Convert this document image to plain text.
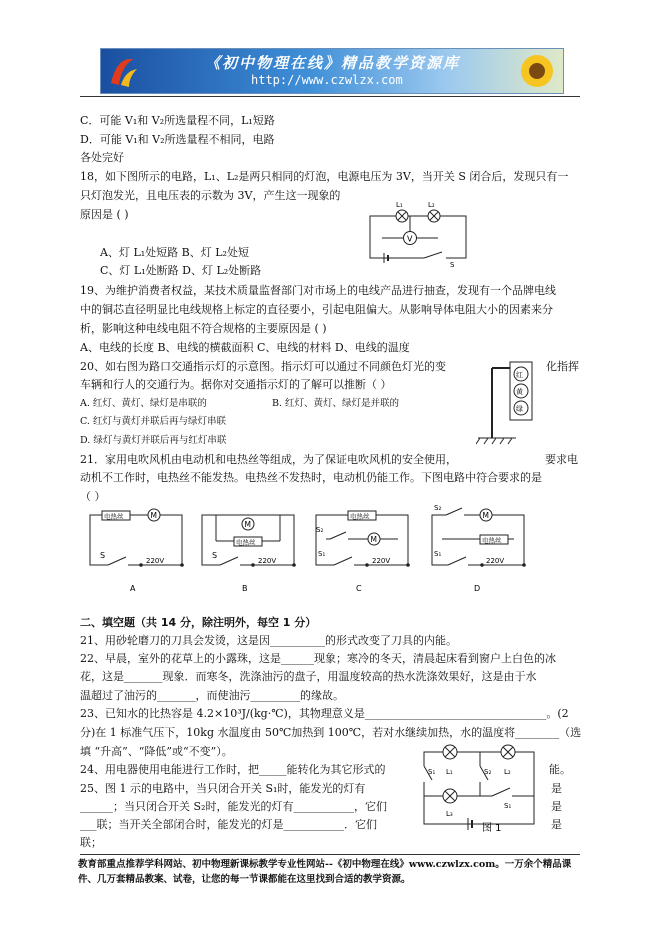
《初中物理在线》精品教学资源库
http://www.czwlzx.com
C．可能 V₁和 V₂所选量程不同，L₁短路
D．可能 V₁和 V₂所选量程不相同，电路
各处完好
18，如下图所示的电路，L₁、L₂是两只相同的灯泡，电源电压为 3V，当开关 S 闭合后，发现只有一
只灯泡发光，且电压表的示数为 3V，产生这一现象的
原因是 ( )
A、灯 L₁处短路 B、灯 L₂处短
C、灯 L₁处断路 D、灯 L₂处断路
V
L₁	L₂
S
19、为维护消费者权益，某技术质量监督部门对市场上的电线产品进行抽查，发现有一个品牌电线
中的铜芯直径明显比电线规格上标定的直径要小，引起电阻偏大。从影响导体电阻大小的因素来分
析，影响这种电线电阻不符合规格的主要原因是 ( )
A、电线的长度 B、电线的横截面积 C、电线的材料 D、电线的温度
20、如右图为路口交通指示灯的示意图。指示灯可以通过不同颜色灯光的变	化指挥
车辆和行人的交通行为。据你对交通指示灯的了解可以推断（ ）
A. 红灯、黄灯、绿灯是串联的	B. 红灯、黄灯、绿灯是并联的
C. 红灯与黄灯并联后再与绿灯串联
D. 绿灯与黄灯并联后再与红灯串联
红
黄
绿
21．家用电吹风机由电动机和电热丝等组成，为了保证电吹风机的安全使用，	要求电
动机不工作时，电热丝不能发热。电热丝不发热时，电动机仍能工作。下图电路中符合要求的是
（ ）
电热丝	M
S
220V
A
M
电热丝
S
220V
B
电热丝
S₂
M
S₁
220V
C
M
S₂
电热丝
S₁
220V
D
二、填空题（共 14 分，除注明外，每空 1 分）
21、用砂轮磨刀的刀具会发烫，这是因__________的形式改变了刀具的内能。
22、早晨，室外的花草上的小露珠，这是______现象；寒冷的冬天，清晨起床看到窗户上白色的冰
花，这是_______现象．而寒冬，洗涤油污的盘子，用温度较高的热水洗涤效果好，这是由于水
温超过了油污的_______，而使油污_________的缘故。
23、已知水的比热容是 4.2×10³J/(kg·℃)，其物理意义是_________________________________。(2
分)在 1 标准气压下，10kg 水温度由 50℃加热到 100℃，若对水继续加热，水的温度将________（选
填 “升高”、“降低”或“不变”）。
24、用电器使用电能进行工作时，把_____能转化为其它形式的	能。
25、图 1 示的电路中，当只闭合开关 S₁时，能发光的灯有	是
______；当只闭合开关 S₂时，能发光的灯有___________，它们	是
___联；当开关全部闭合时，能发光的灯是___________．它们	是
联；
L₁	L₂
L₃
S₁	S₂
S₁
图 1
教育部重点推荐学科网站、初中物理新课标教学专业性网站--《初中物理在线》www.czwlzx.com。一万余个精品课
件、几万套精品教案、试卷，让您的每一节课都能在这里找到合适的教学资源。
